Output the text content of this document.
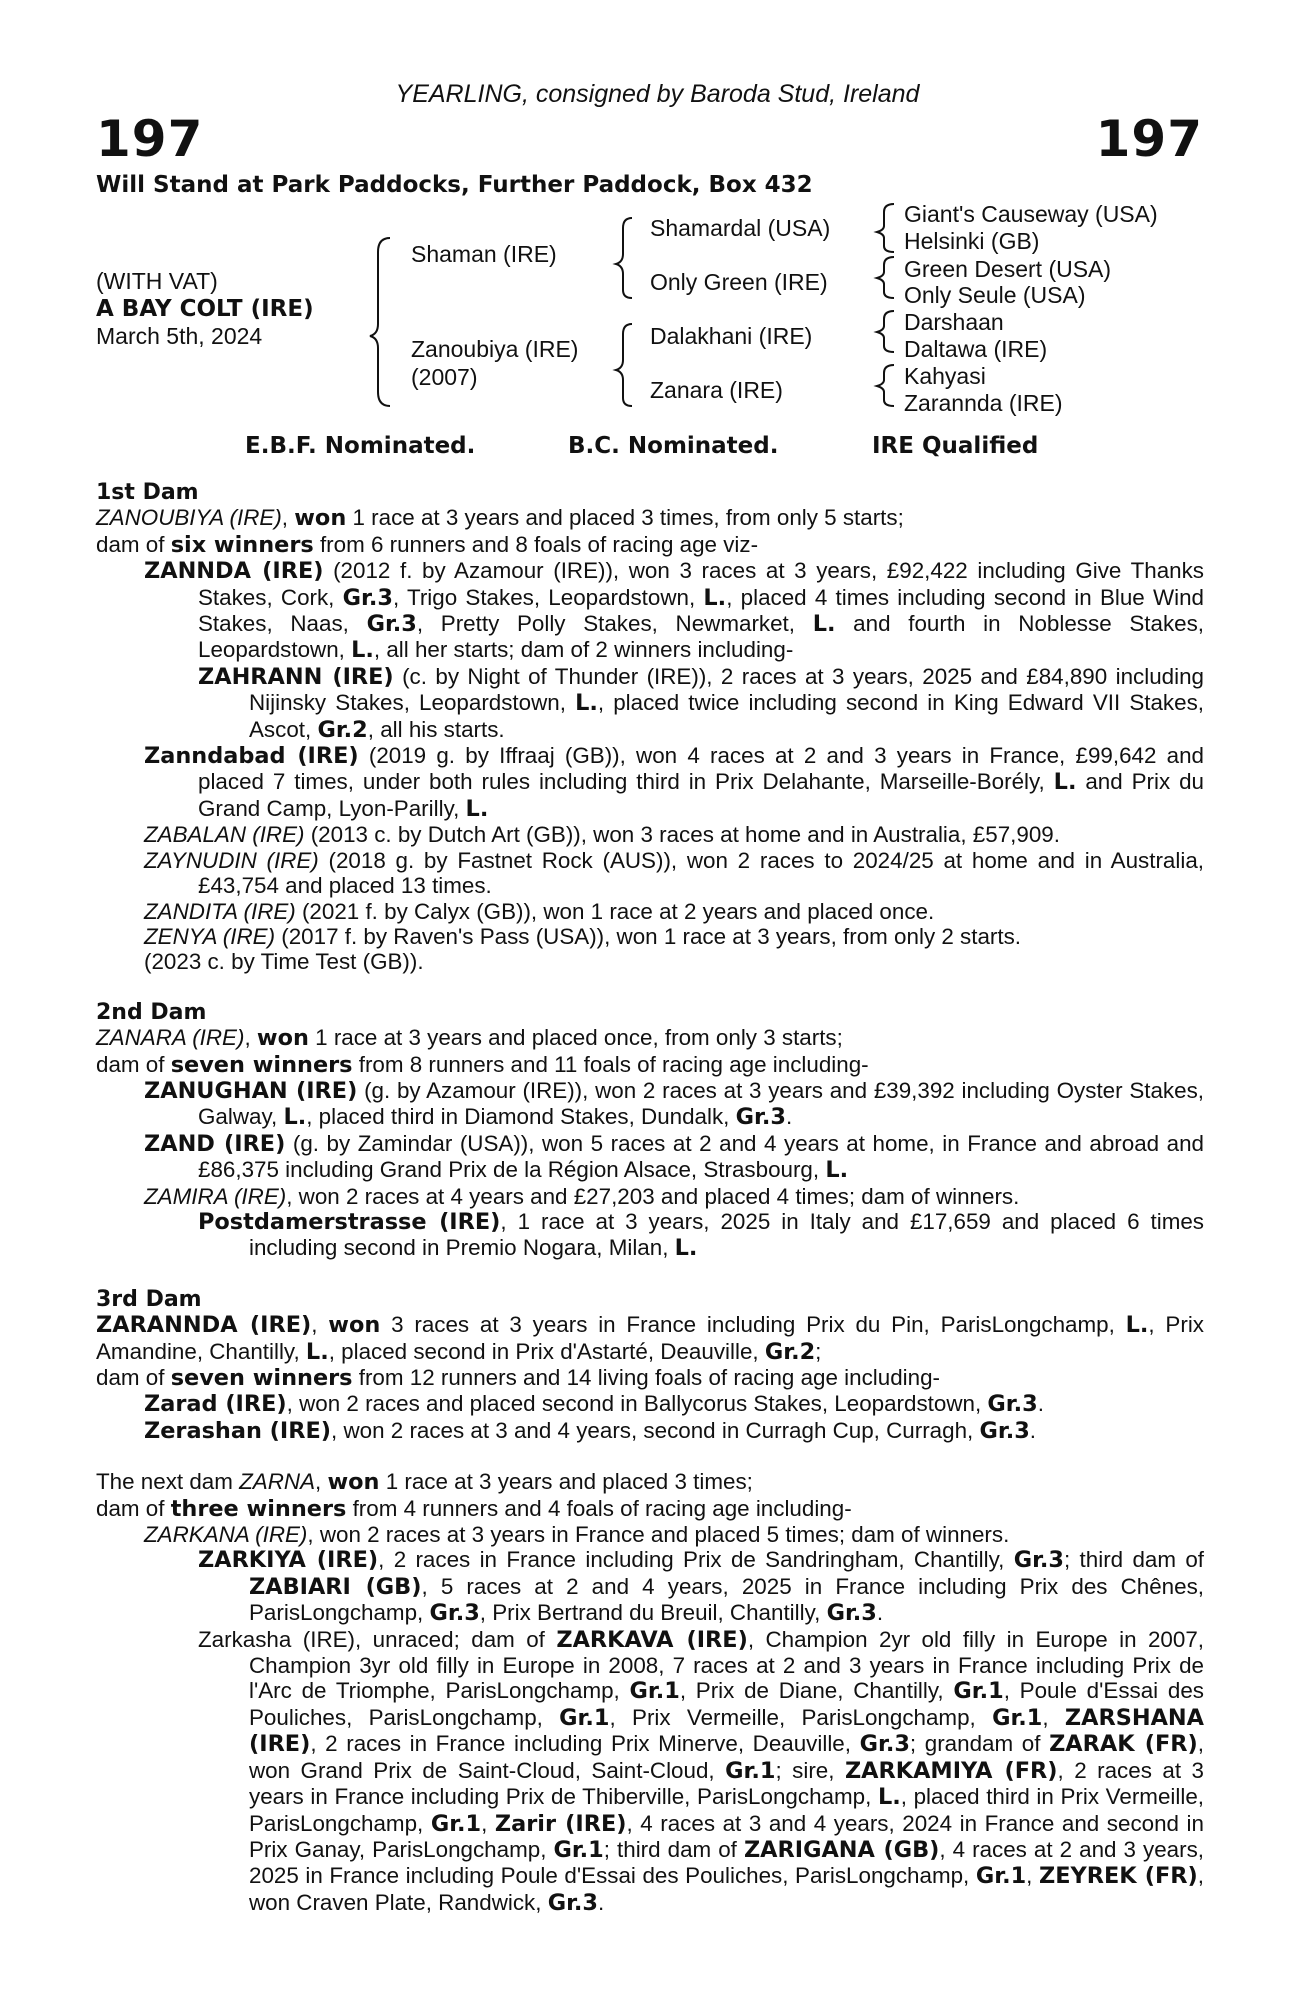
197	197
YEARLING, consigned by Baroda Stud, Ireland
Will Stand at Park Paddocks, Further Paddock, Box 432
(WITH VAT)
A BAY COLT (IRE)
March 5th, 2024
Shaman (IRE)
Zanoubiya (IRE)
(2007)
Shamardal (USA)
Only Green (IRE)
Dalakhani (IRE)
Zanara (IRE)
Giant's Causeway (USA)
Helsinki (GB)
Green Desert (USA)
Only Seule (USA)
Darshaan
Daltawa (IRE)
Kahyasi
Zarannda (IRE)
E.B.F. Nominated.	B.C. Nominated.	IRE Qualified

1st Dam

ZANOUBIYA (IRE), won 1 race at 3 years and placed 3 times, from only 5 starts;

dam of six winners from 6 runners and 8 foals of racing age viz-

ZANNDA (IRE) (2012 f. by Azamour (IRE)), won 3 races at 3 years, £92,422 including Give Thanks Stakes, Cork, Gr.3, Trigo Stakes, Leopardstown, L., placed 4 times including second in Blue Wind Stakes, Naas, Gr.3, Pretty Polly Stakes, Newmarket, L. and fourth in Noblesse Stakes, Leopardstown, L., all her starts; dam of 2 winners including-

ZAHRANN (IRE) (c. by Night of Thunder (IRE)), 2 races at 3 years, 2025 and £84,890 including Nijinsky Stakes, Leopardstown, L., placed twice including second in King Edward VII Stakes, Ascot, Gr.2, all his starts.

Zanndabad (IRE) (2019 g. by Iffraaj (GB)), won 4 races at 2 and 3 years in France, £99,642 and placed 7 times, under both rules including third in Prix Delahante, Marseille-Borély, L. and Prix du Grand Camp, Lyon-Parilly, L.

ZABALAN (IRE) (2013 c. by Dutch Art (GB)), won 3 races at home and in Australia, £57,909.

ZAYNUDIN (IRE) (2018 g. by Fastnet Rock (AUS)), won 2 races to 2024/25 at home and in Australia, £43,754 and placed 13 times.

ZANDITA (IRE) (2021 f. by Calyx (GB)), won 1 race at 2 years and placed once.

ZENYA (IRE) (2017 f. by Raven's Pass (USA)), won 1 race at 3 years, from only 2 starts.

(2023 c. by Time Test (GB)).

2nd Dam

ZANARA (IRE), won 1 race at 3 years and placed once, from only 3 starts;

dam of seven winners from 8 runners and 11 foals of racing age including-

ZANUGHAN (IRE) (g. by Azamour (IRE)), won 2 races at 3 years and £39,392 including Oyster Stakes, Galway, L., placed third in Diamond Stakes, Dundalk, Gr.3.

ZAND (IRE) (g. by Zamindar (USA)), won 5 races at 2 and 4 years at home, in France and abroad and £86,375 including Grand Prix de la Région Alsace, Strasbourg, L.

ZAMIRA (IRE), won 2 races at 4 years and £27,203 and placed 4 times; dam of winners.

Postdamerstrasse (IRE), 1 race at 3 years, 2025 in Italy and £17,659 and placed 6 times including second in Premio Nogara, Milan, L.

3rd Dam

ZARANNDA (IRE), won 3 races at 3 years in France including Prix du Pin, ParisLongchamp, L., Prix Amandine, Chantilly, L., placed second in Prix d'Astarté, Deauville, Gr.2;

dam of seven winners from 12 runners and 14 living foals of racing age including-

Zarad (IRE), won 2 races and placed second in Ballycorus Stakes, Leopardstown, Gr.3.

Zerashan (IRE), won 2 races at 3 and 4 years, second in Curragh Cup, Curragh, Gr.3.

The next dam ZARNA, won 1 race at 3 years and placed 3 times;

dam of three winners from 4 runners and 4 foals of racing age including-

ZARKANA (IRE), won 2 races at 3 years in France and placed 5 times; dam of winners.

ZARKIYA (IRE), 2 races in France including Prix de Sandringham, Chantilly, Gr.3; third dam of ZABIARI (GB), 5 races at 2 and 4 years, 2025 in France including Prix des Chênes, ParisLongchamp, Gr.3, Prix Bertrand du Breuil, Chantilly, Gr.3.

Zarkasha (IRE), unraced; dam of ZARKAVA (IRE), Champion 2yr old filly in Europe in 2007, Champion 3yr old filly in Europe in 2008, 7 races at 2 and 3 years in France including Prix de l'Arc de Triomphe, ParisLongchamp, Gr.1, Prix de Diane, Chantilly, Gr.1, Poule d'Essai des Pouliches, ParisLongchamp, Gr.1, Prix Vermeille, ParisLongchamp, Gr.1, ZARSHANA (IRE), 2 races in France including Prix Minerve, Deauville, Gr.3; grandam of ZARAK (FR), won Grand Prix de Saint-Cloud, Saint-Cloud, Gr.1; sire, ZARKAMIYA (FR), 2 races at 3 years in France including Prix de Thiberville, ParisLongchamp, L., placed third in Prix Vermeille, ParisLongchamp, Gr.1, Zarir (IRE), 4 races at 3 and 4 years, 2024 in France and second in Prix Ganay, ParisLongchamp, Gr.1; third dam of ZARIGANA (GB), 4 races at 2 and 3 years, 2025 in France including Poule d'Essai des Pouliches, ParisLongchamp, Gr.1, ZEYREK (FR), won Craven Plate, Randwick, Gr.3.
